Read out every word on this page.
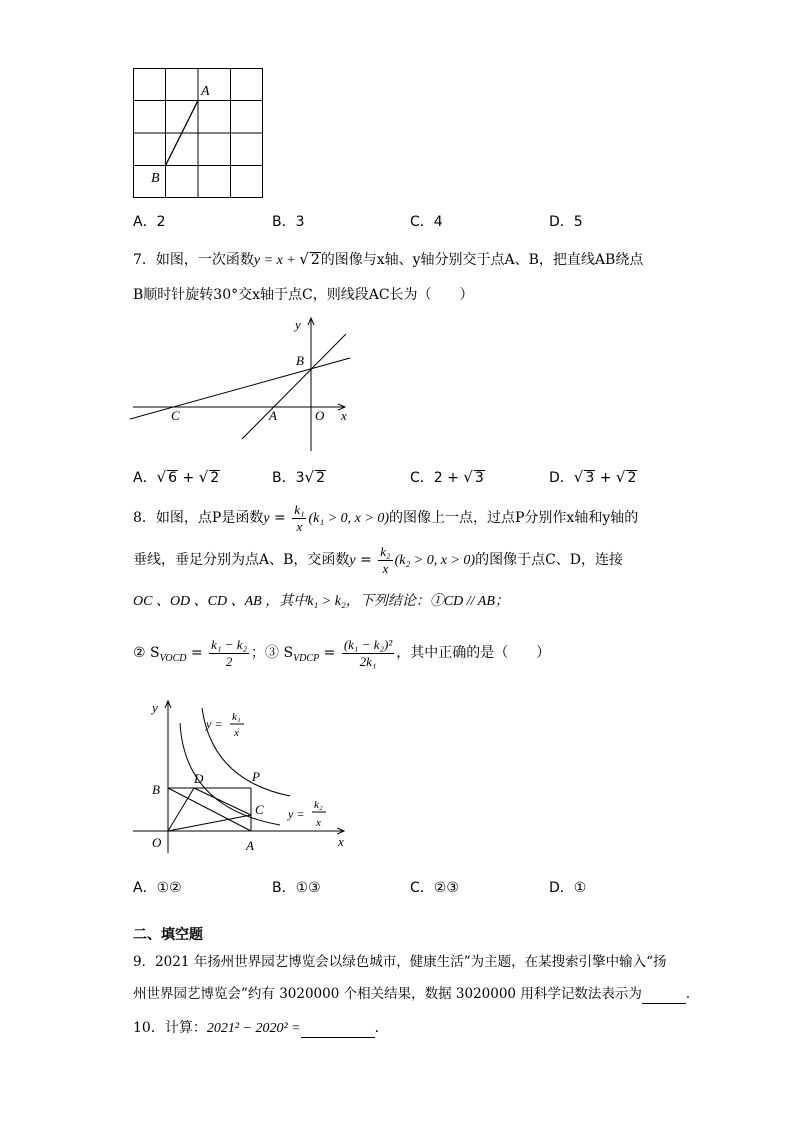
A
B
A．2	B．3	C．4	D．5
7．如图，一次函数y = x + √ 2的图像与x轴、y轴分别交于点A、B，把直线AB绕点
B顺时针旋转30°交x轴于点C，则线段AC长为（　　）
y
x
B
C	A	O
A．√ 6 + √ 2	B．3√ 2	C．2 + √ 3	D．√ 3 + √ 2
8．如图，点P是函数$y = \frac{\text{k₁}}{x} (k_1 > 0$, x > 0)的图像上一点，过点P分别作x轴和y轴的
垂线，垂足分别为点A、B，交函数$y = \frac{\text{k₂}}{x} (k_2 > 0$, x > 0)的图像于点C、D，连接
OC 、OD 、CD 、AB ，其中k₁ > k₂，下列结论：①CD // AB；
② $S_{VOCD} = \frac{\text{k₁ − k₂}}{2}$ ；③ $S_{VDCP} = \frac{\text{(k₁ − k₂)²}}{\text{2k₁}}$ ，其中正确的是（　　）
y
x
B
D	P
C
O	A
y = k₁
x
y =
k₂
x
A．①②	B．①③	C．②③	D．①
二、填空题
9．2021 年扬州世界园艺博览会以绿色城市，健康生活”为主题，在某搜索引擎中输入“扬
州世界园艺博览会”约有 3020000 个相关结果，数据 3020000 用科学记数法表示为	．
10．计算：2021² − 2020² =	．
